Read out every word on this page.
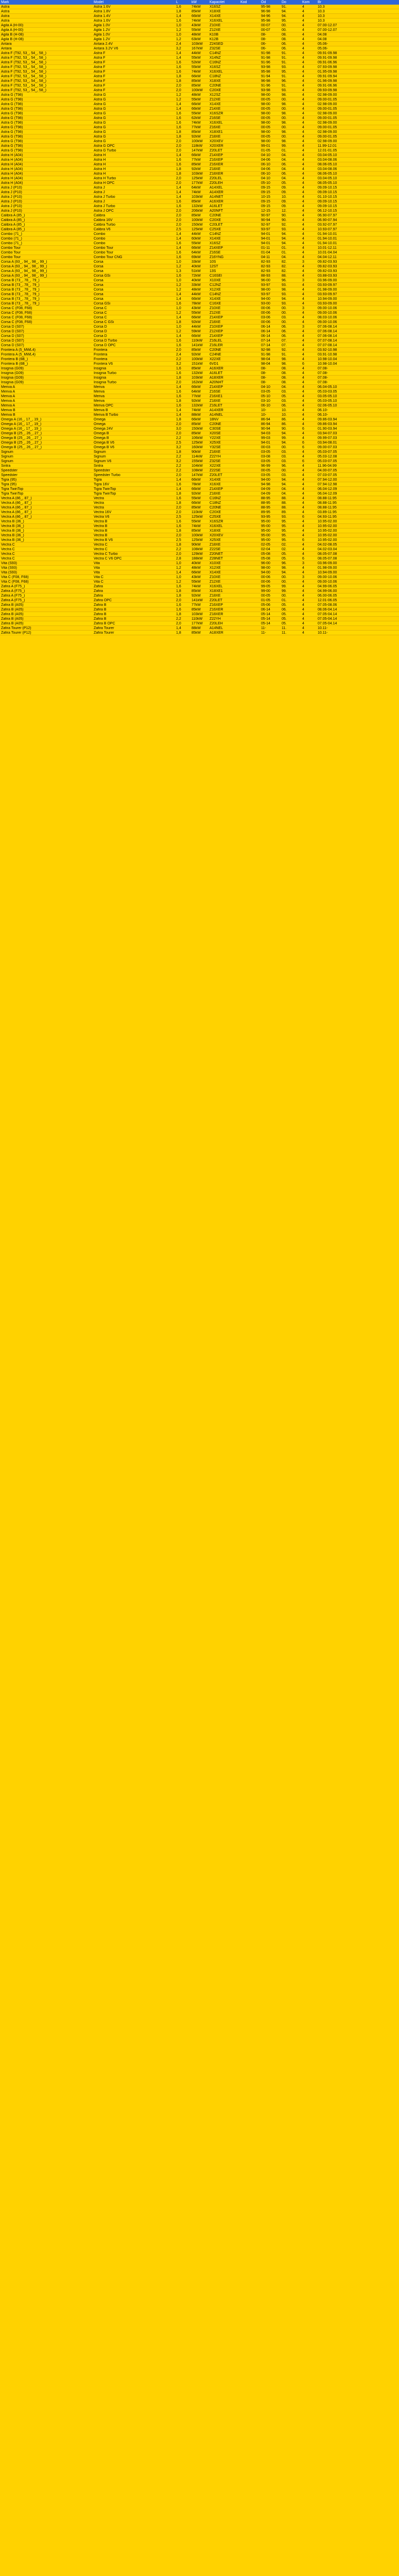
Mark	Model	L	kW	Kapacitet	Kod	Od	Do	Kom	Br
Astra	Astra 1.6V	1,6	74kW	X16SZ	95-98	91.	4	10.3
Astra	Astra 1.8V	1,8	85kW	X18XE	96-98	94.	4	10.3
Astra	Astra 1.4V	1,4	66kW	X14XE	94-96	94.	4	10.3
Astra	Astra 1.6V	1,6	74kW	X16XEL	95-98	95.	4	10.3
Agila A (H-00)	Agila 1.0V	1,0	43kW	Z10XE	00-07	00.	4	07.00-12.07
Agila A (H-00)	Agila 1.2V	1,2	55kW	Z12XE	00-07	00.	4	07.00-12.07
Agila B (H-08)	Agila 1.0V	1,0	48kW	K10B	08-	08.	4	04.08
Agila B (H-08)	Agila 1.2V	1,2	63kW	K12B	08-	08.	4	04.08
Antara	Antara 2.4V	2,4	103kW	Z24SED	06-	06.	4	05.06-
Antara	Antara 3.2V V6	3,2	167kW	Z32SE	06-	06.	4	05.06-
Astra F (T92, 53_, 54_, 58_)	Astra F	1,4	44kW	C14NZ	91-98	91.	4	09.91-09.98
Astra F (T92, 53_, 54_, 58_)	Astra F	1,4	55kW	X14NZ	91-98	91.	4	09.91-09.98
Astra F (T92, 53_, 54_, 58_)	Astra F	1,6	52kW	C16NZ	91-96	91.	4	09.91-06.96
Astra F (T92, 53_, 54_, 58_)	Astra F	1,6	55kW	X16SZ	93-98	93.	4	07.93-09.98
Astra F (T92, 53_, 54_, 58_)	Astra F	1,6	74kW	X16XEL	95-98	95.	4	01.95-09.98
Astra F (T92, 53_, 54_, 58_)	Astra F	1,8	66kW	C18NZ	91-94	91.	4	09.91-09.94
Astra F (T92, 53_, 54_, 58_)	Astra F	1,8	85kW	X18XE	96-98	96.	4	01.96-09.98
Astra F (T92, 53_, 54_, 58_)	Astra F	2,0	85kW	C20NE	91-96	91.	4	09.91-06.96
Astra F (T92, 53_, 54_, 58_)	Astra F	2,0	100kW	C20XE	93-98	93.	4	09.93-09.98
Astra G (T98)	Astra G	1,2	48kW	X12SZ	98-00	98.	4	02.98-09.00
Astra G (T98)	Astra G	1,2	55kW	Z12XE	00-05	00.	4	09.00-01.05
Astra G (T98)	Astra G	1,4	66kW	X14XE	98-00	98.	4	02.98-09.00
Astra G (T98)	Astra G	1,4	66kW	Z14XE	00-05	00.	4	09.00-01.05
Astra G (T98)	Astra G	1,6	55kW	X16SZR	98-00	98.	4	02.98-09.00
Astra G (T98)	Astra G	1,6	62kW	Z16SE	00-05	00.	4	09.00-01.05
Astra G (T98)	Astra G	1,6	74kW	X16XEL	98-00	98.	4	02.98-09.00
Astra G (T98)	Astra G	1,6	77kW	Z16XE	00-05	00.	4	09.00-01.05
Astra G (T98)	Astra G	1,8	85kW	X18XE1	98-00	98.	4	02.98-09.00
Astra G (T98)	Astra G	1,8	92kW	Z18XE	00-05	00.	4	09.00-01.05
Astra G (T98)	Astra G	2,0	100kW	X20XEV	98-00	98.	4	02.98-09.00
Astra G (T98)	Astra G OPC	2,0	118kW	X20XER	99-01	99.	4	11.99-12.01
Astra G (T98)	Astra G Turbo	2,0	147kW	Z20LET	01-05	01.	4	12.01-01.05
Astra H (A04)	Astra H	1,4	66kW	Z14XEP	04-10	04.	4	03.04-05.10
Astra H (A04)	Astra H	1,6	77kW	Z16XEP	04-06	04.	4	03.04-08.06
Astra H (A04)	Astra H	1,6	85kW	Z16XER	06-10	06.	4	08.06-05.10
Astra H (A04)	Astra H	1,8	92kW	Z18XE	04-06	04.	4	03.04-08.06
Astra H (A04)	Astra H	1,8	103kW	Z18XER	06-10	06.	4	08.06-05.10
Astra H (A04)	Astra H Turbo	2,0	125kW	Z20LEL	04-10	04.	4	03.04-05.10
Astra H (A04)	Astra H OPC	2,0	177kW	Z20LEH	05-10	05.	4	08.05-05.10
Astra J (P10)	Astra J	1,4	64kW	A14XEL	09-15	09.	4	09.09-10.15
Astra J (P10)	Astra J	1,4	74kW	A14XER	09-15	09.	4	09.09-10.15
Astra J (P10)	Astra J Turbo	1,4	103kW	A14NET	10-15	10.	4	01.10-10.15
Astra J (P10)	Astra J	1,6	85kW	A16XER	09-15	09.	4	09.09-10.15
Astra J (P10)	Astra J Turbo	1,6	132kW	A16LET	09-15	09.	4	09.09-10.15
Astra J (P10)	Astra J OPC	2,0	206kW	A20NFT	12-15	12.	4	06.12-10.15
Calibra A (85_)	Calibra	2,0	85kW	C20NE	90-97	90.	4	06.90-07.97
Calibra A (85_)	Calibra 16V	2,0	100kW	C20XE	90-94	90.	4	06.90-07.94
Calibra A (85_)	Calibra Turbo	2,0	150kW	C20LET	92-97	92.	4	03.92-07.97
Calibra A (85_)	Calibra V6	2,5	125kW	C25XE	93-97	93.	4	10.93-07.97
Combo (71_)	Combo	1,4	44kW	C14NZ	94-01	94.	4	01.94-10.01
Combo (71_)	Combo	1,4	60kW	X14XE	94-01	94.	4	01.94-10.01
Combo (71_)	Combo	1,6	55kW	X16SZ	94-01	94.	4	01.94-10.01
Combo Tour	Combo Tour	1,4	66kW	Z14XEP	01-11	01.	4	10.01-12.11
Combo Tour	Combo Tour	1,6	64kW	Z16SE	01-04	01.	4	10.01-04.04
Combo Tour	Combo Tour CNG	1,6	69kW	Z16YNG	04-11	04.	4	04.04-12.11
Corsa A (93_, 94_, 98_, 99_)	Corsa	1,0	33kW	10S	82-93	82.	3	09.82-03.93
Corsa A (93_, 94_, 98_, 99_)	Corsa	1,2	40kW	12ST	82-93	82.	4	09.82-03.93
Corsa A (93_, 94_, 98_, 99_)	Corsa	1,3	51kW	13S	82-93	82.	4	09.82-03.93
Corsa A (93_, 94_, 98_, 99_)	Corsa GSi	1,6	72kW	C16SEI	88-93	88.	4	03.88-03.93
Corsa B (73_, 78_, 79_)	Corsa	1,0	40kW	X10XE	96-00	96.	3	03.96-09.00
Corsa B (73_, 78_, 79_)	Corsa	1,2	33kW	C12NZ	93-97	93.	4	03.93-09.97
Corsa B (73_, 78_, 79_)	Corsa	1,2	48kW	X12XE	98-00	98.	4	01.98-09.00
Corsa B (73_, 78_, 79_)	Corsa	1,4	44kW	C14NZ	93-97	93.	4	03.93-09.97
Corsa B (73_, 78_, 79_)	Corsa	1,4	66kW	X14XE	94-00	94.	4	10.94-09.00
Corsa B (73_, 78_, 79_)	Corsa GSi	1,6	78kW	C16XE	93-00	93.	4	03.93-09.00
Corsa C (F08, F68)	Corsa C	1,0	43kW	Z10XE	00-06	00.	3	09.00-10.06
Corsa C (F08, F68)	Corsa C	1,2	55kW	Z12XE	00-06	00.	4	09.00-10.06
Corsa C (F08, F68)	Corsa C	1,4	66kW	Z14XEP	03-06	03.	4	08.03-10.06
Corsa C (F08, F68)	Corsa C GSi	1,8	92kW	Z18XE	00-06	00.	4	09.00-10.06
Corsa D (S07)	Corsa D	1,0	44kW	Z10XEP	06-14	06.	3	07.06-08.14
Corsa D (S07)	Corsa D	1,2	59kW	Z12XEP	06-14	06.	4	07.06-08.14
Corsa D (S07)	Corsa D	1,4	66kW	Z14XEP	06-14	06.	4	07.06-08.14
Corsa D (S07)	Corsa D Turbo	1,6	110kW	Z16LEL	07-14	07.	4	07.07-08.14
Corsa D (S07)	Corsa D OPC	1,6	141kW	Z16LER	07-14	07.	4	07.07-08.14
Frontera A (5_MWL4)	Frontera	2,0	85kW	C20NE	92-98	92.	4	03.92-10.98
Frontera A (5_MWL4)	Frontera	2,4	92kW	C24NE	91-98	91.	4	03.91-10.98
Frontera B (6B_)	Frontera	2,2	100kW	X22XE	98-04	98.	4	10.98-10.04
Frontera B (6B_)	Frontera V6	3,2	151kW	6VD1	98-04	98.	6	10.98-10.04
Insignia (G09)	Insignia	1,6	85kW	A16XER	08-	08.	4	07.08-
Insignia (G09)	Insignia Turbo	1,6	132kW	A16LET	08-	08.	4	07.08-
Insignia (G09)	Insignia	1,8	103kW	A18XER	08-	08.	4	07.08-
Insignia (G09)	Insignia Turbo	2,0	162kW	A20NHT	08-	08.	4	07.08-
Meriva A	Meriva	1,4	66kW	Z14XEP	04-10	04.	4	06.04-05.10
Meriva A	Meriva	1,6	64kW	Z16SE	03-05	03.	4	05.03-03.05
Meriva A	Meriva	1,6	77kW	Z16XE1	05-10	05.	4	03.05-05.10
Meriva A	Meriva	1,8	92kW	Z18XE	03-10	03.	4	05.03-05.10
Meriva A	Meriva OPC	1,6	132kW	Z16LET	06-10	06.	4	02.06-05.10
Meriva B	Meriva B	1,4	74kW	A14XER	10-	10.	4	06.10-
Meriva B	Meriva B Turbo	1,4	88kW	A14NEL	10-	10.	4	06.10-
Omega A (16_, 17_, 19_)	Omega	1,8	66kW	18NV	86-94	86.	4	09.86-03.94
Omega A (16_, 17_, 19_)	Omega	2,0	85kW	C20NE	86-94	86.	4	09.86-03.94
Omega A (16_, 17_, 19_)	Omega 24V	3,0	150kW	C30SE	90-94	90.	6	01.90-03.94
Omega B (25_, 26_, 27_)	Omega B	2,0	85kW	X20SE	94-03	94.	4	03.94-07.03
Omega B (25_, 26_, 27_)	Omega B	2,2	106kW	Y22XE	99-03	99.	4	09.99-07.03
Omega B (25_, 26_, 27_)	Omega B V6	2,5	125kW	X25XE	94-01	94.	6	03.94-08.01
Omega B (25_, 26_, 27_)	Omega B V6	3,2	160kW	Y32SE	00-03	00.	6	09.00-07.03
Signum	Signum	1,8	90kW	Z18XE	03-05	03.	4	05.03-07.05
Signum	Signum	2,2	114kW	Z22YH	03-08	03.	4	05.03-12.08
Signum	Signum V6	3,2	155kW	Z32SE	03-05	03.	6	05.03-07.05
Sintra	Sintra	2,2	104kW	X22XE	96-99	96.	4	11.96-04.99
Speedster	Speedster	2,2	108kW	Z22SE	00-05	00.	4	04.00-07.05
Speedster	Speedster Turbo	2,0	147kW	Z20LET	03-05	03.	4	07.03-07.05
Tigra (95)	Tigra	1,4	66kW	X14XE	94-00	94.	4	07.94-12.00
Tigra (95)	Tigra 16V	1,6	78kW	X16XE	94-98	94.	4	07.94-12.98
Tigra TwinTop	Tigra TwinTop	1,4	66kW	Z14XEP	04-09	04.	4	06.04-12.09
Tigra TwinTop	Tigra TwinTop	1,8	92kW	Z18XE	04-09	04.	4	06.04-12.09
Vectra A (86_, 87_)	Vectra	1,6	55kW	C16NZ	88-95	88.	4	08.88-11.95
Vectra A (86_, 87_)	Vectra	1,8	66kW	C18NZ	88-95	88.	4	08.88-11.95
Vectra A (86_, 87_)	Vectra	2,0	85kW	C20NE	88-95	88.	4	08.88-11.95
Vectra A (86_, 87_)	Vectra 16V	2,0	110kW	C20XE	89-95	89.	4	03.89-11.95
Vectra A (86_, 87_)	Vectra V6	2,5	125kW	C25XE	93-95	93.	6	04.93-11.95
Vectra B (36_)	Vectra B	1,6	55kW	X16SZR	95-00	95.	4	10.95-02.00
Vectra B (36_)	Vectra B	1,6	74kW	X16XEL	95-00	95.	4	10.95-02.00
Vectra B (36_)	Vectra B	1,8	85kW	X18XE	95-00	95.	4	10.95-02.00
Vectra B (36_)	Vectra B	2,0	100kW	X20XEV	95-00	95.	4	10.95-02.00
Vectra B (36_)	Vectra B V6	2,5	125kW	X25XE	95-00	95.	6	10.95-02.00
Vectra C	Vectra C	1,8	90kW	Z18XE	02-05	02.	4	04.02-08.05
Vectra C	Vectra C	2,2	108kW	Z22SE	02-04	02.	4	04.02-03.04
Vectra C	Vectra C Turbo	2,0	129kW	Z20NET	05-08	05.	4	08.05-07.08
Vectra C	Vectra C V6 OPC	2,8	188kW	Z28NET	05-08	05.	6	08.05-07.08
Vita (S93)	Vita	1,0	40kW	X10XE	96-00	96.	3	03.96-09.00
Vita (S93)	Vita	1,2	48kW	X12XE	98-00	98.	4	01.98-09.00
Vita (S93)	Vita	1,4	66kW	X14XE	94-00	94.	4	10.94-09.00
Vita C (F08, F68)	Vita C	1,0	43kW	Z10XE	00-06	00.	3	09.00-10.06
Vita C (F08, F68)	Vita C	1,2	55kW	Z12XE	00-06	00.	4	09.00-10.06
Zafira A (F75_)	Zafira	1,6	74kW	X16XEL	99-05	99.	4	04.99-06.05
Zafira A (F75_)	Zafira	1,8	85kW	X18XE1	99-00	99.	4	04.99-06.00
Zafira A (F75_)	Zafira	1,8	92kW	Z18XE	00-05	00.	4	06.00-06.05
Zafira A (F75_)	Zafira OPC	2,0	141kW	Z20LET	01-05	01.	4	12.01-06.05
Zafira B (A05)	Zafira B	1,6	77kW	Z16XEP	05-06	05.	4	07.05-08.06
Zafira B (A05)	Zafira B	1,6	85kW	Z16XER	06-14	06.	4	08.06-04.14
Zafira B (A05)	Zafira B	1,8	103kW	Z18XER	05-14	05.	4	07.05-04.14
Zafira B (A05)	Zafira B	2,2	110kW	Z22YH	05-14	05.	4	07.05-04.14
Zafira B (A05)	Zafira B OPC	2,0	177kW	Z20LEH	05-14	05.	4	07.05-04.14
Zafira Tourer (P12)	Zafira Tourer	1,4	88kW	A14NEL	11-	11.	4	10.11-
Zafira Tourer (P12)	Zafira Tourer	1,8	85kW	A18XER	11-	11.	4	10.11-
